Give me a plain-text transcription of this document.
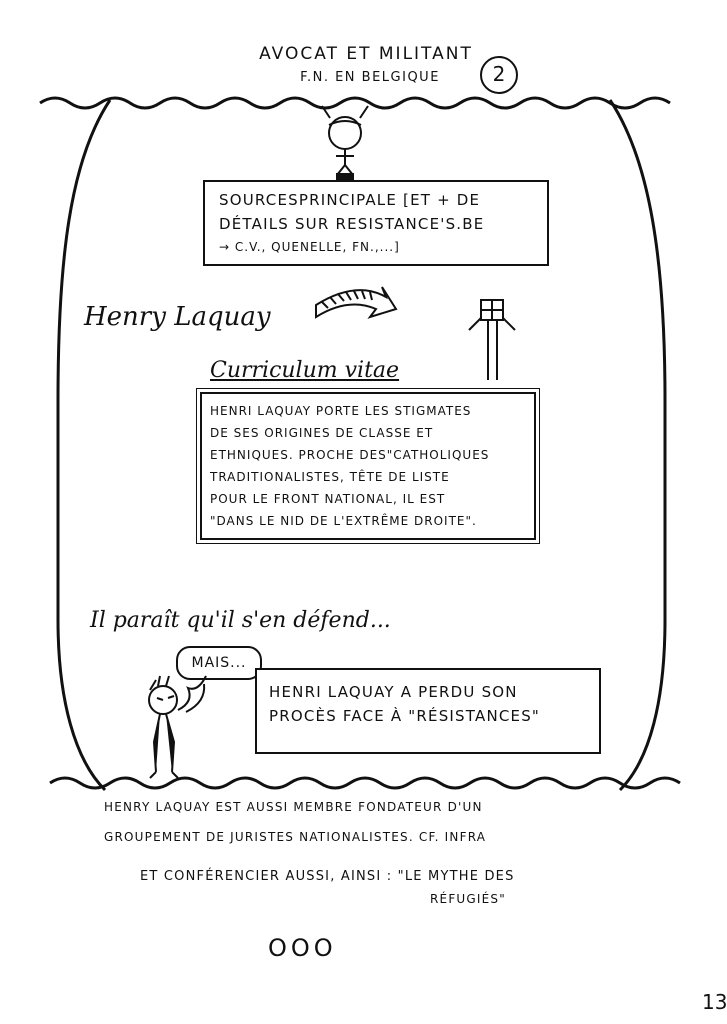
AVOCAT ET MILITANT
F.N. EN BELGIQUE	2
SOURCESPRINCIPALE [ET + DE
DÉTAILS SUR RESISTANCE'S.BE
→ C.V., QUENELLE, FN.,...]
Henry Laquay
Curriculum vitae
HENRI LAQUAY PORTE LES STIGMATES
DE SES ORIGINES DE CLASSE ET
ETHNIQUES. PROCHE DES"CATHOLIQUES
TRADITIONALISTES, TÊTE DE LISTE
POUR LE FRONT NATIONAL, IL EST
"DANS LE NID DE L'EXTRÊME DROITE".
Il paraît qu'il s'en défend...
MAIS...
HENRI LAQUAY A PERDU SON
PROCÈS FACE À "RÉSISTANCES"
HENRY LAQUAY EST AUSSI MEMBRE FONDATEUR D'UN
GROUPEMENT DE JURISTES NATIONALISTES. CF. INFRA
ET CONFÉRENCIER AUSSI, AINSI : "LE MYTHE DES
RÉFUGIÉS"
OOO
13
